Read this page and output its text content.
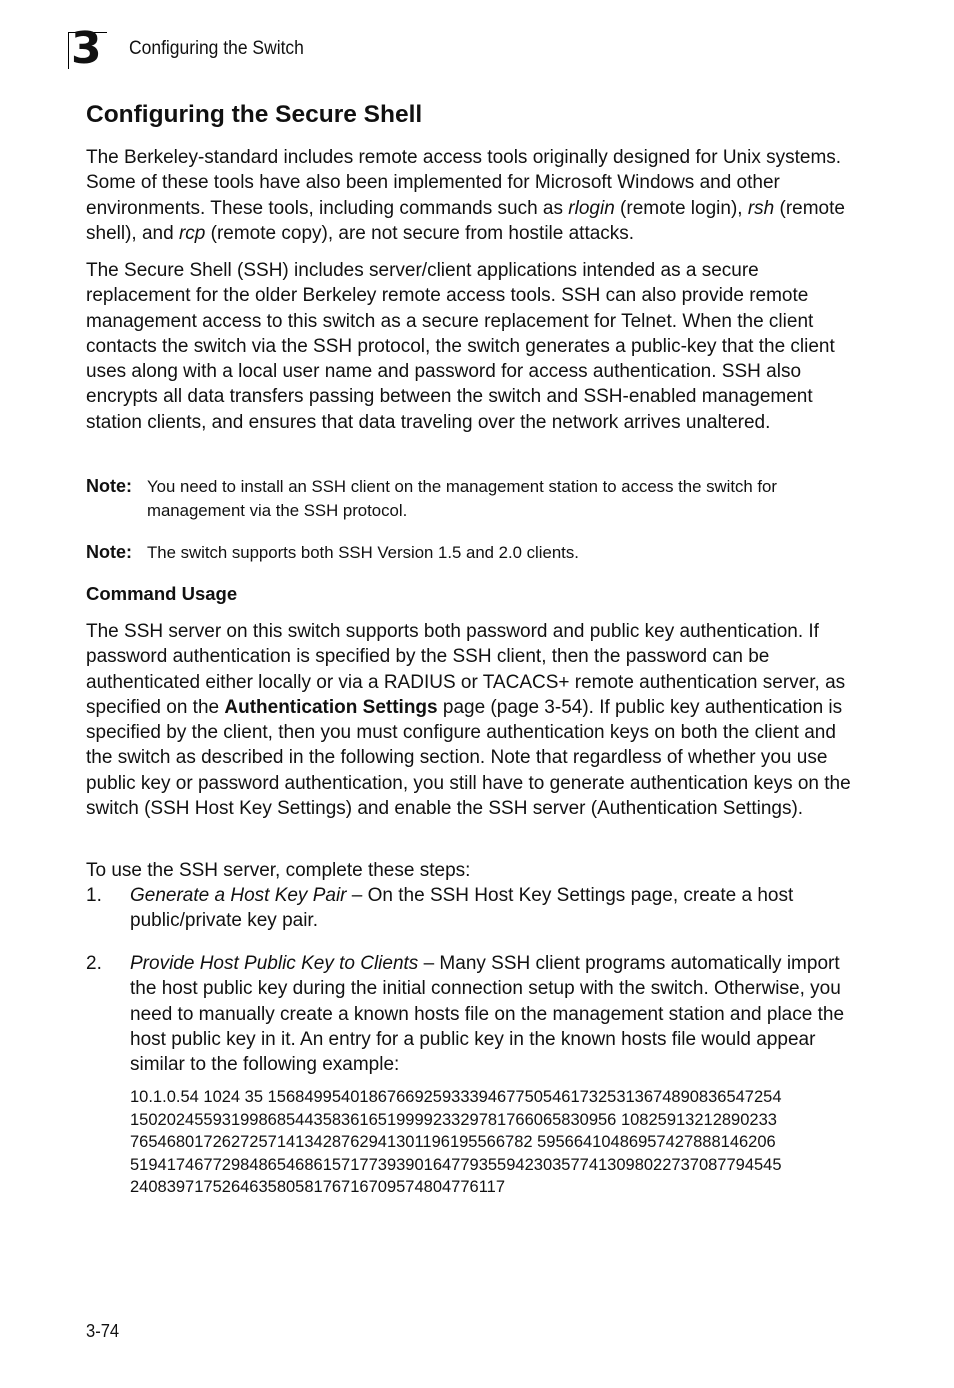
3 Configuring the Switch
Configuring the Secure Shell
The Berkeley-standard includes remote access tools originally designed for Unix systems. Some of these tools have also been implemented for Microsoft Windows and other environments. These tools, including commands such as rlogin (remote login), rsh (remote shell), and rcp (remote copy), are not secure from hostile attacks.
The Secure Shell (SSH) includes server/client applications intended as a secure replacement for the older Berkeley remote access tools. SSH can also provide remote management access to this switch as a secure replacement for Telnet. When the client contacts the switch via the SSH protocol, the switch generates a public-key that the client uses along with a local user name and password for access authentication. SSH also encrypts all data transfers passing between the switch and SSH-enabled management station clients, and ensures that data traveling over the network arrives unaltered.
Note: You need to install an SSH client on the management station to access the switch for management via the SSH protocol.
Note: The switch supports both SSH Version 1.5 and 2.0 clients.
Command Usage
The SSH server on this switch supports both password and public key authentication. If password authentication is specified by the SSH client, then the password can be authenticated either locally or via a RADIUS or TACACS+ remote authentication server, as specified on the Authentication Settings page (page 3-54). If public key authentication is specified by the client, then you must configure authentication keys on both the client and the switch as described in the following section. Note that regardless of whether you use public key or password authentication, you still have to generate authentication keys on the switch (SSH Host Key Settings) and enable the SSH server (Authentication Settings).
To use the SSH server, complete these steps:
1. Generate a Host Key Pair – On the SSH Host Key Settings page, create a host public/private key pair.
2. Provide Host Public Key to Clients – Many SSH client programs automatically import the host public key during the initial connection setup with the switch. Otherwise, you need to manually create a known hosts file on the management station and place the host public key in it. An entry for a public key in the known hosts file would appear similar to the following example:
10.1.0.54 1024 35 15684995401867669259333946775054617325313674890836547254
15020245593199868544358361651999923329781766065830956 10825913212890233
76546801726272571413428762941301196195566782 59566410486957427888146206
51941746772984865468615717739390164779355942303577413098022737087794545
24083971752646358058176716709574804776117
3-74
